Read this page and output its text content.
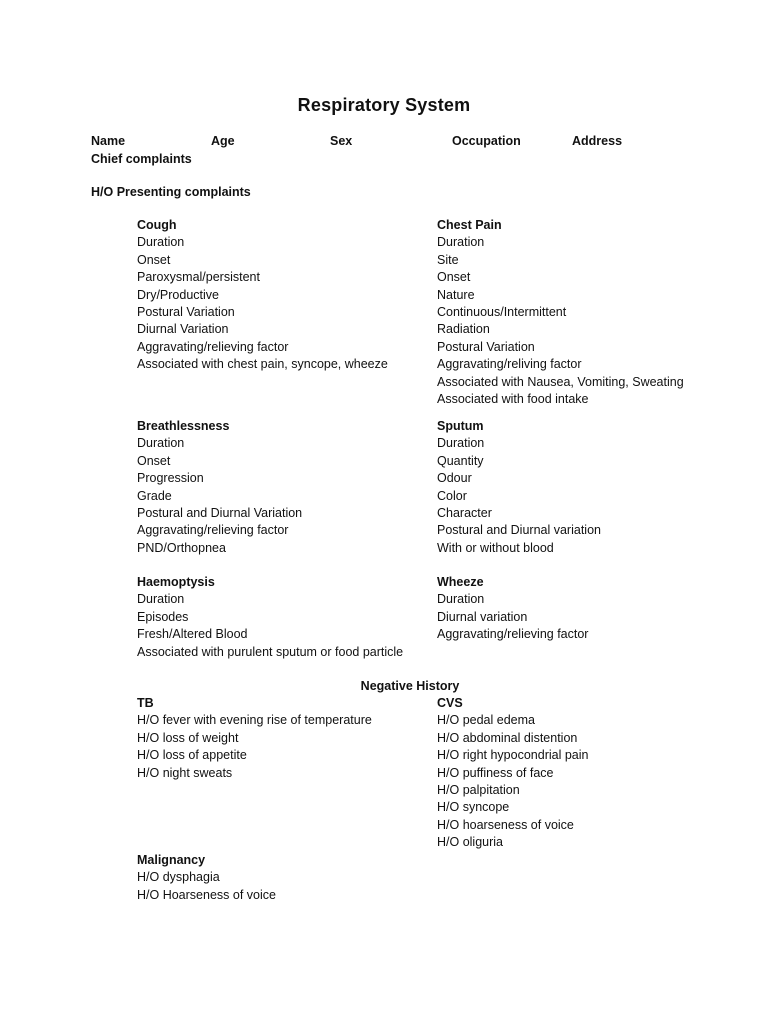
Respiratory System
Name	Age	Sex	Occupation	Address
Chief complaints
H/O Presenting complaints
Cough
Duration
Onset
Paroxysmal/persistent
Dry/Productive
Postural Variation
Diurnal Variation
Aggravating/relieving factor
Associated with chest pain, syncope, wheeze
Chest Pain
Duration
Site
Onset
Nature
Continuous/Intermittent
Radiation
Postural Variation
Aggravating/reliving factor
Associated with Nausea, Vomiting, Sweating
Associated with food intake
Breathlessness
Duration
Onset
Progression
Grade
Postural and Diurnal Variation
Aggravating/relieving factor
PND/Orthopnea
Sputum
Duration
Quantity
Odour
Color
Character
Postural and Diurnal variation
With or without blood
Haemoptysis
Duration
Episodes
Fresh/Altered Blood
Associated with purulent sputum or food particle
Wheeze
Duration
Diurnal variation
Aggravating/relieving factor
Negative History
TB
H/O fever with evening rise of temperature
H/O loss of weight
H/O loss of appetite
H/O night sweats
CVS
H/O pedal edema
H/O abdominal distention
H/O right hypocondrial pain
H/O puffiness of face
H/O palpitation
H/O syncope
H/O hoarseness of voice
H/O oliguria
Malignancy
H/O dysphagia
H/O Hoarseness of voice
